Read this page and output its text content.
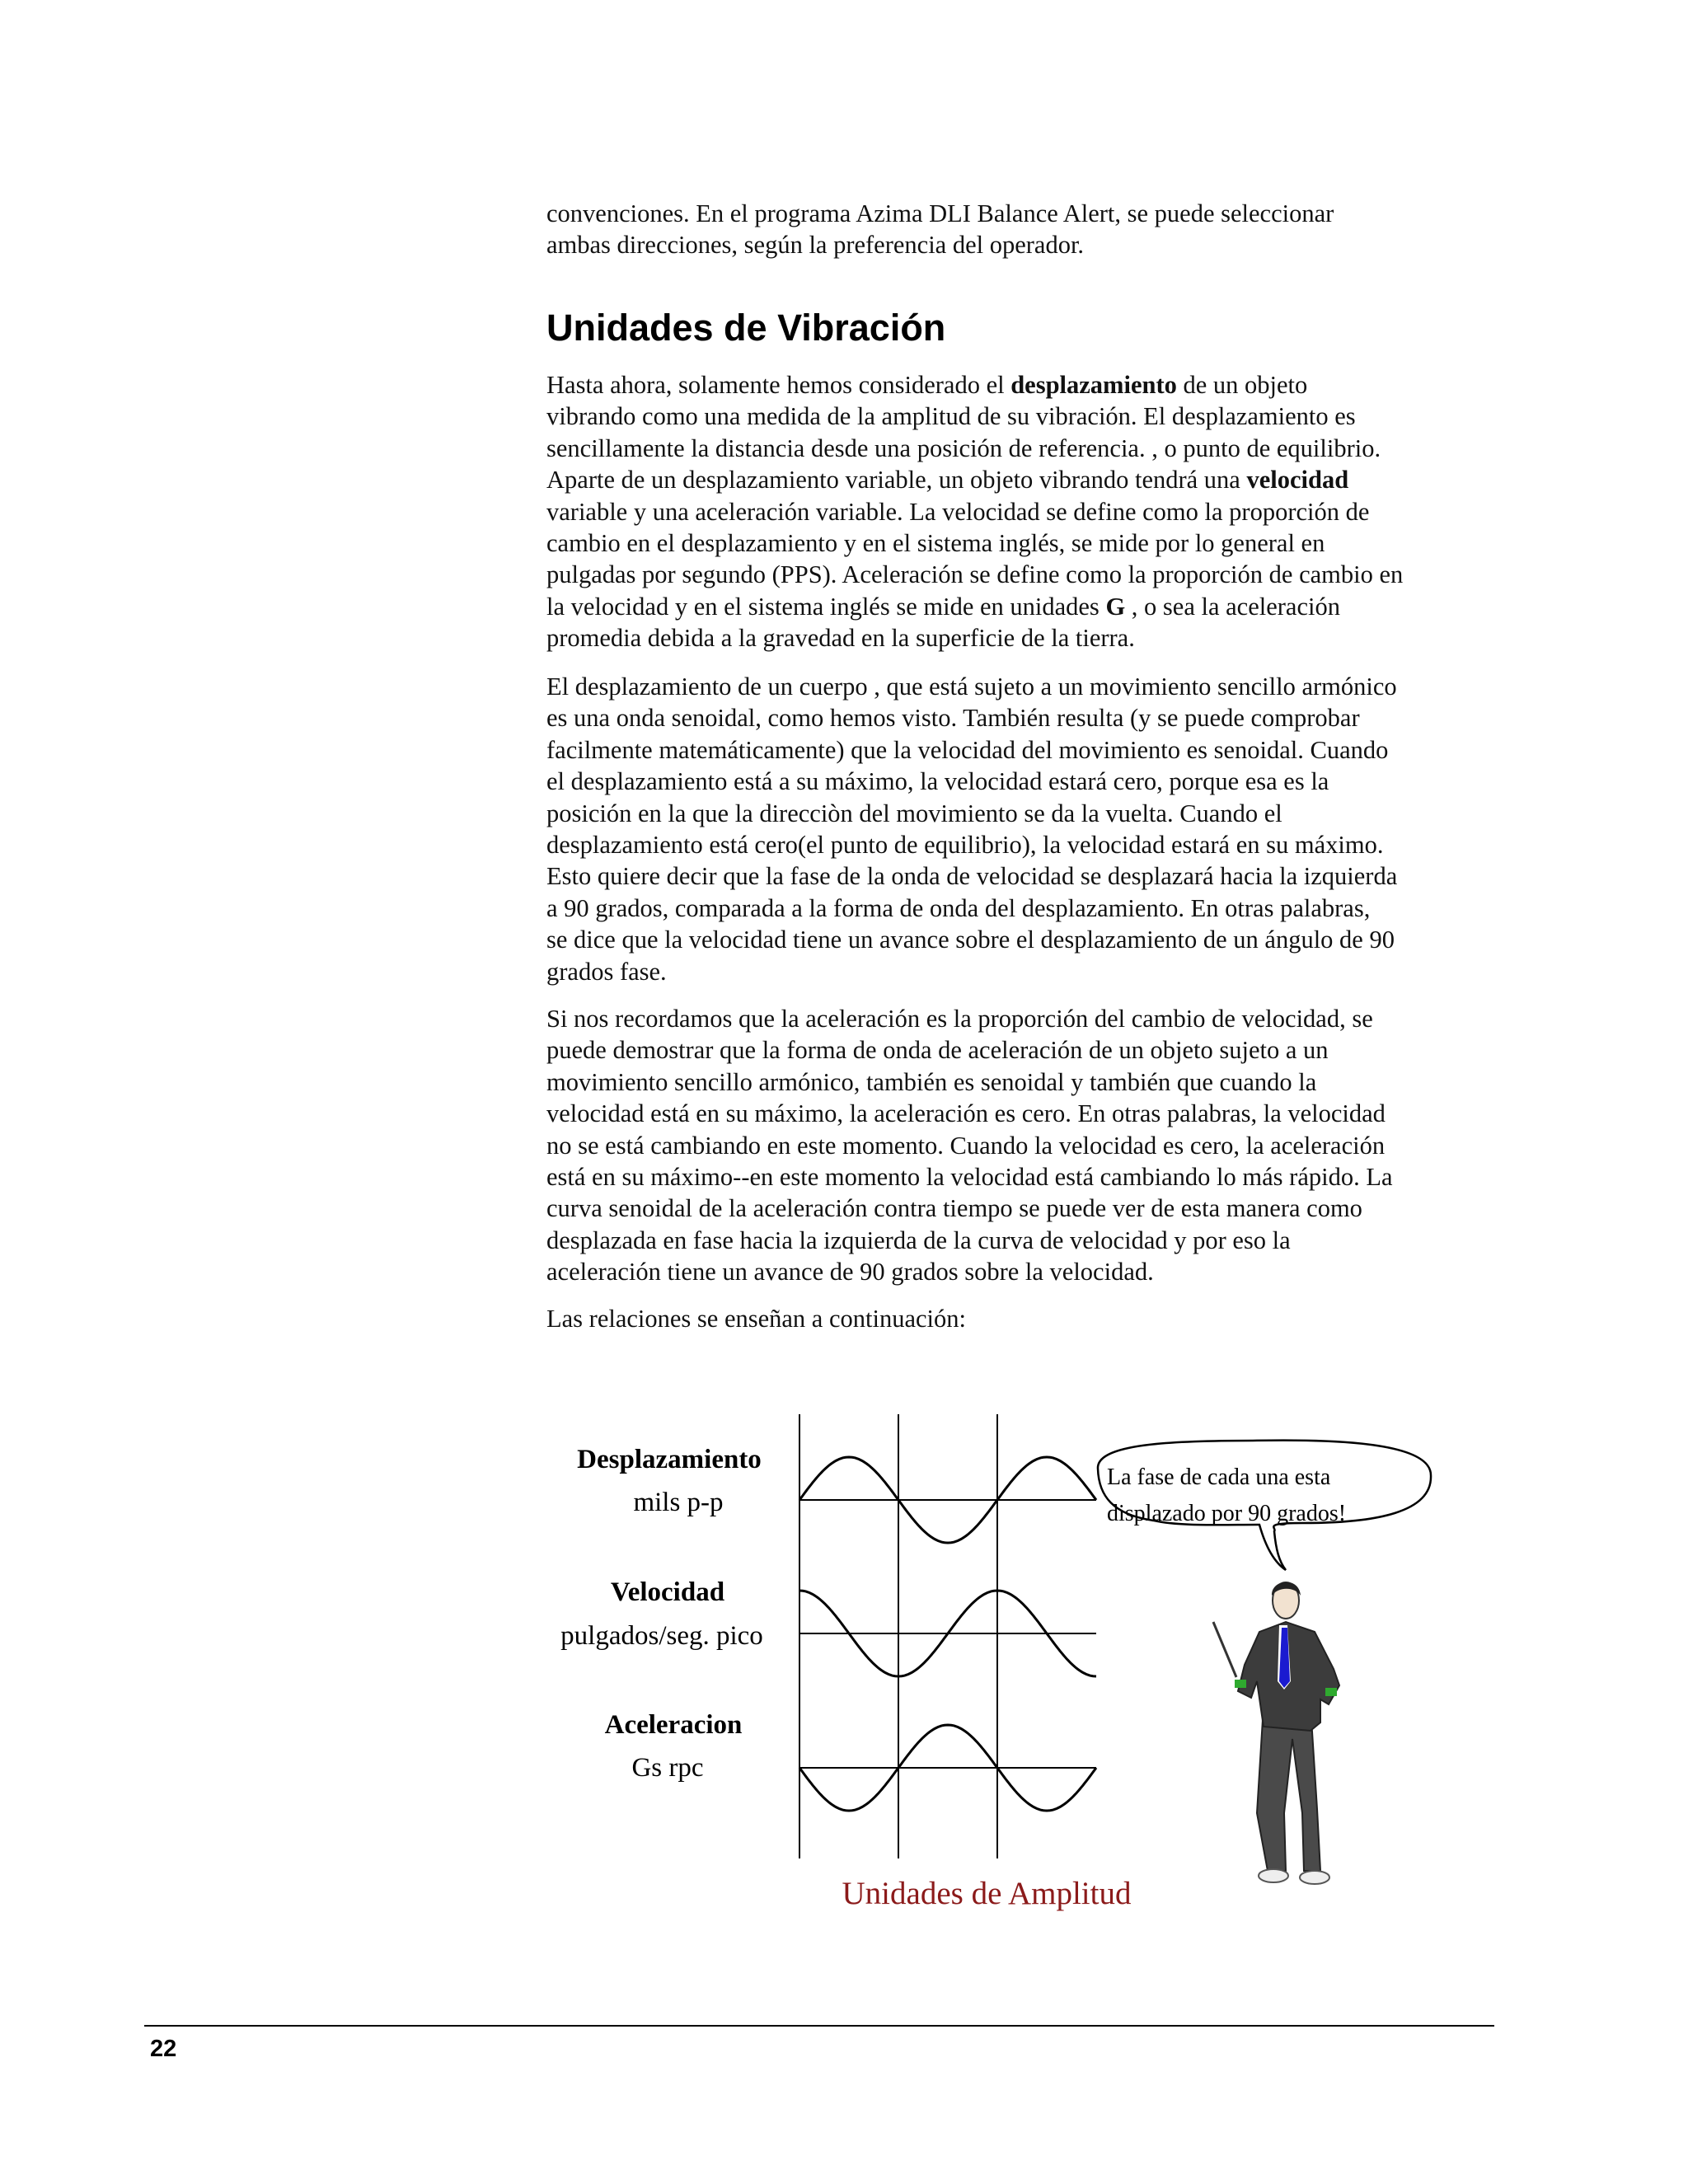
convenciones. En el programa Azima DLI Balance Alert, se puede seleccionar
ambas direcciones, según la preferencia del operador.
Unidades de Vibración
Hasta ahora, solamente hemos considerado el desplazamiento de un objeto
vibrando como una medida de la amplitud de su vibración. El desplazamiento es
sencillamente la distancia desde una posición de referencia. , o punto de equilibrio.
Aparte de un desplazamiento variable, un objeto vibrando tendrá una velocidad
variable y una aceleración variable. La velocidad se define como la proporción de
cambio en el desplazamiento y en el sistema inglés, se mide por lo general en
pulgadas por segundo (PPS). Aceleración se define como la proporción de cambio en
la velocidad y en el sistema inglés se mide en unidades G , o sea la aceleración
promedia debida a la gravedad en la superficie de la tierra.
El desplazamiento de un cuerpo , que está sujeto a un movimiento sencillo armónico
es una onda senoidal, como hemos visto. También resulta (y se puede comprobar
facilmente matemáticamente) que la velocidad del movimiento es senoidal. Cuando
el desplazamiento está a su máximo, la velocidad estará cero, porque esa es la
posición en la que la direcciòn del movimiento se da la vuelta. Cuando el
desplazamiento está cero(el punto de equilibrio), la velocidad estará en su máximo.
Esto quiere decir que la fase de la onda de velocidad se desplazará hacia la izquierda
a 90 grados, comparada a la forma de onda del desplazamiento. En otras palabras,
se dice que la velocidad tiene un avance sobre el desplazamiento de un ángulo de 90
grados fase.
Si nos recordamos que la aceleración es la proporción del cambio de velocidad, se
puede demostrar que la forma de onda de aceleración de un objeto sujeto a un
movimiento sencillo armónico, también es senoidal y también que cuando la
velocidad está en su máximo, la aceleración es cero. En otras palabras, la velocidad
no se está cambiando en este momento. Cuando la velocidad es cero, la aceleración
está en su máximo--en este momento la velocidad está cambiando lo más rápido. La
curva senoidal de la aceleración contra tiempo se puede ver de esta manera como
desplazada en fase hacia la izquierda de la curva de velocidad y por eso la
aceleración tiene un avance de 90 grados sobre la velocidad.
Las relaciones se enseñan a continuación:
Desplazamiento
mils p-p
Velocidad
pulgados/seg. pico
Aceleracion
Gs rpc
La fase de cada una esta
displazado por 90 grados!
Unidades de Amplitud
22
